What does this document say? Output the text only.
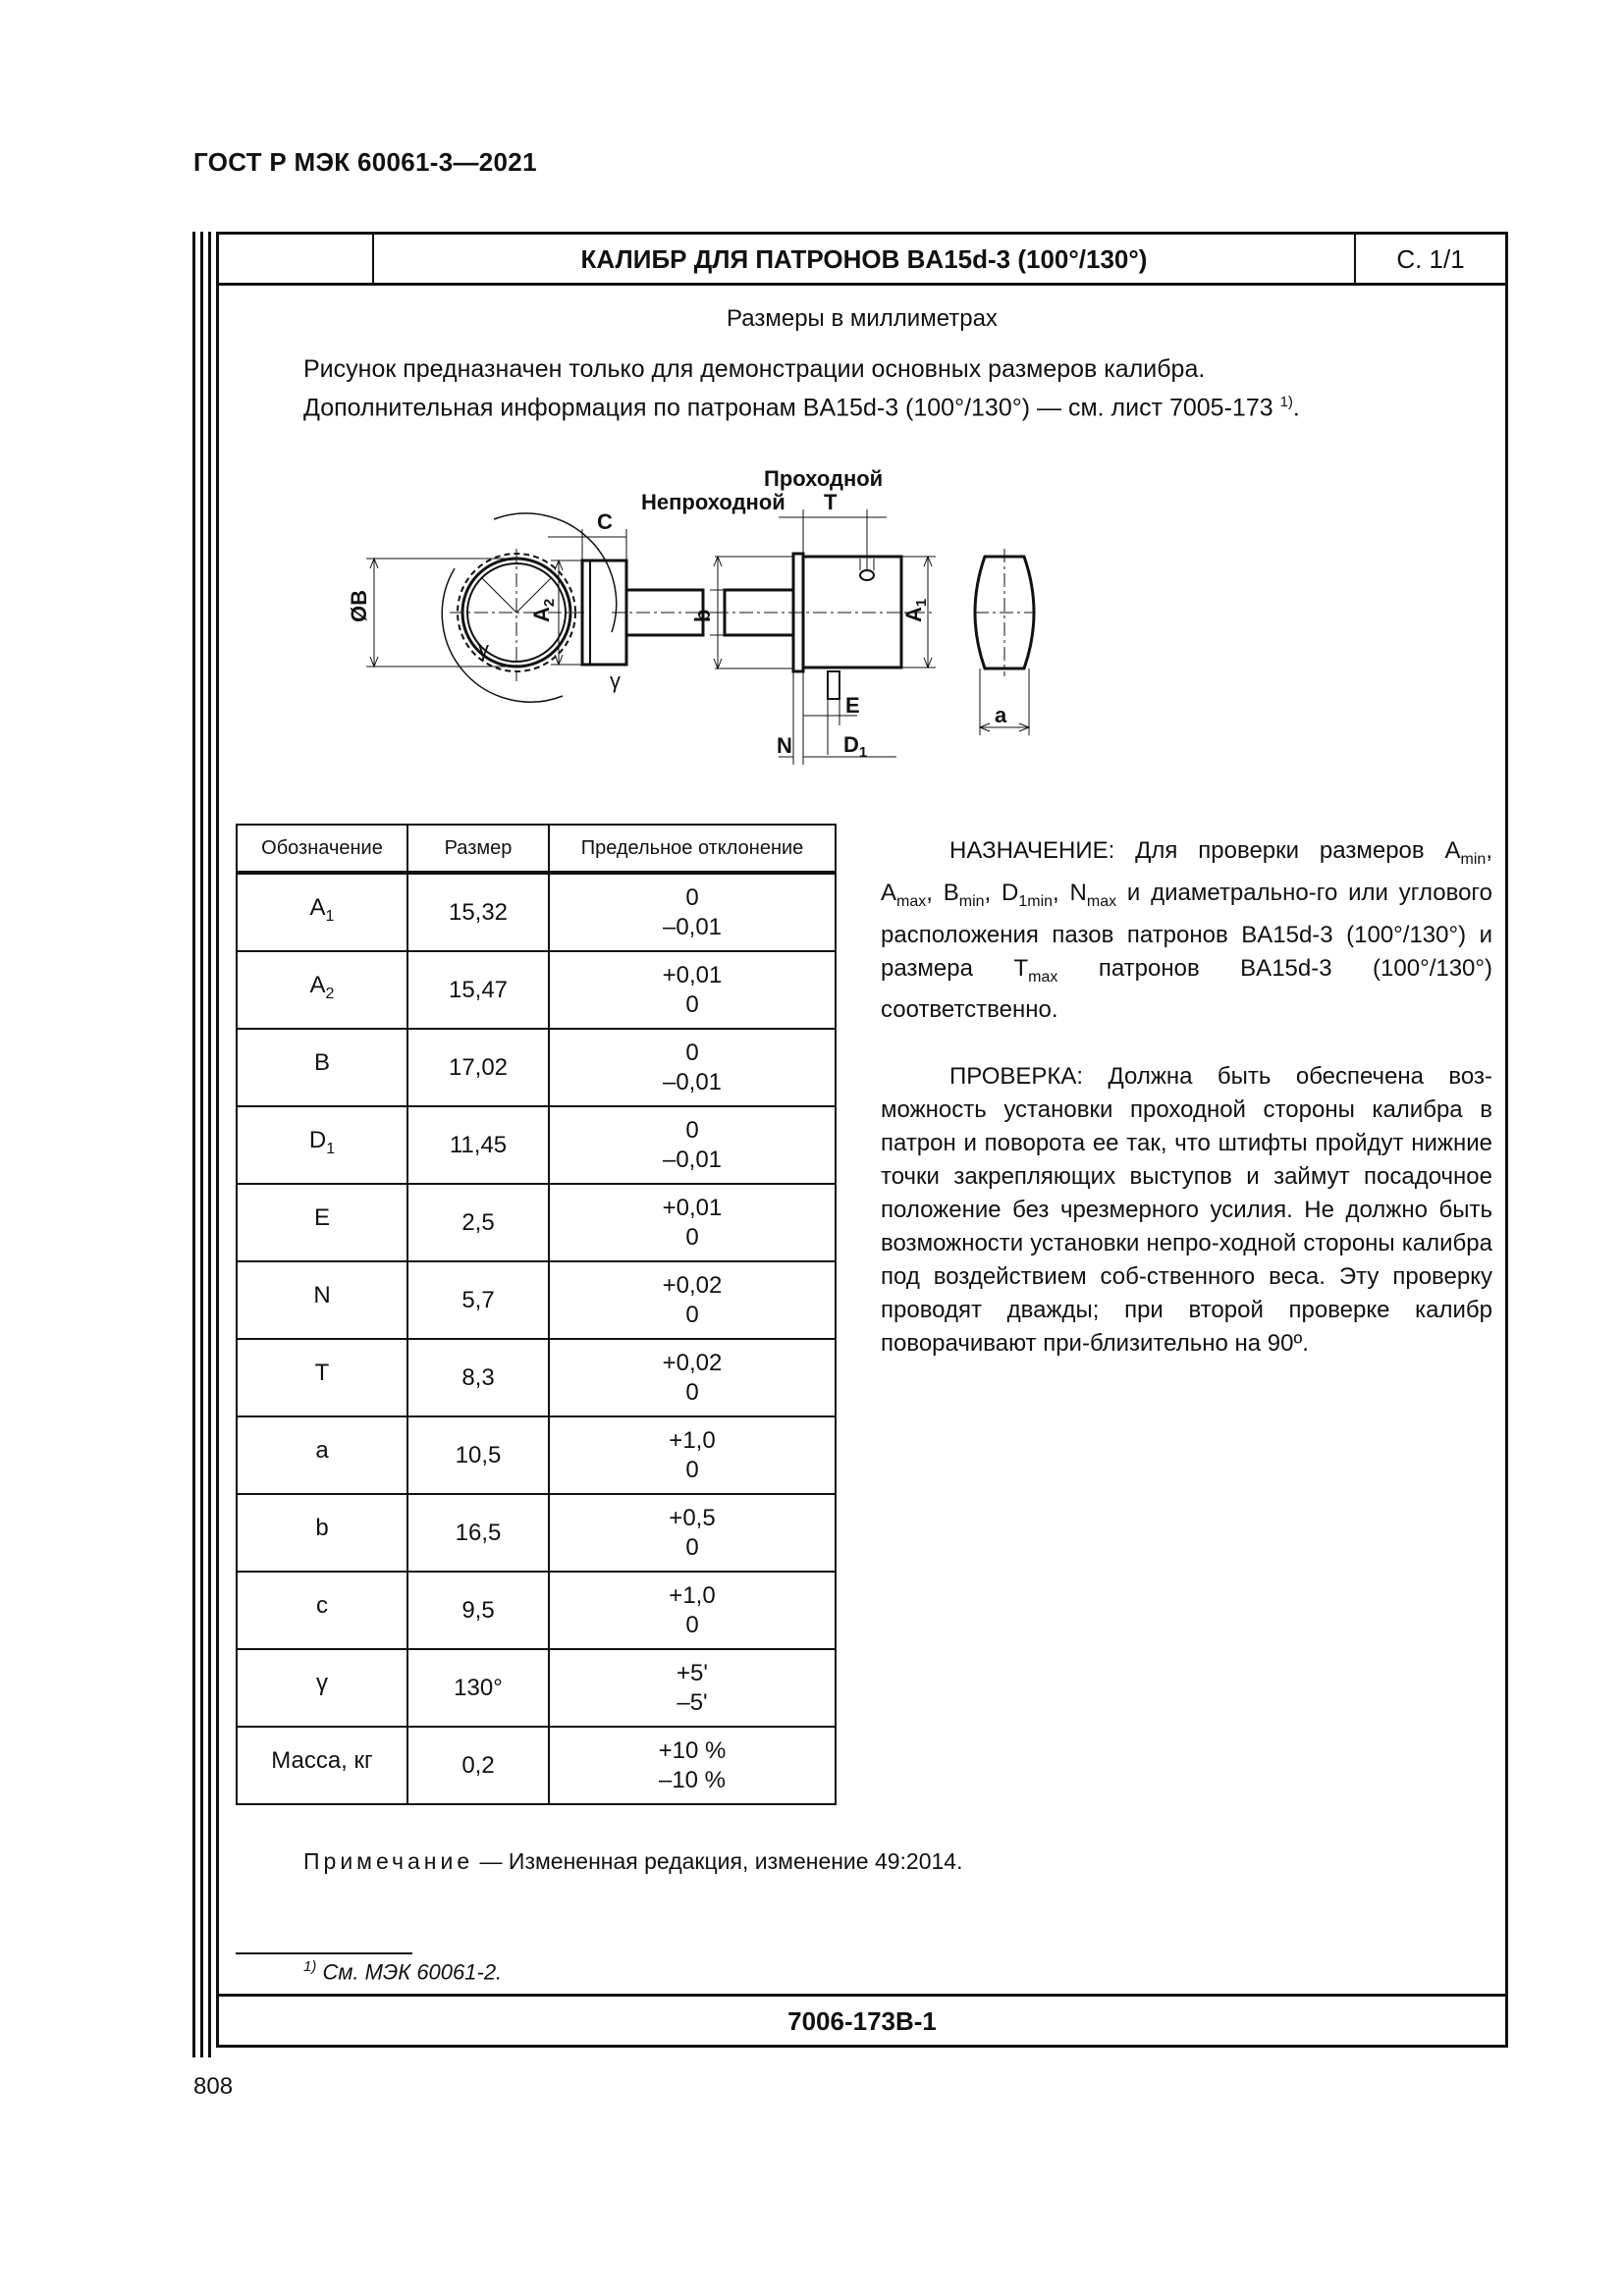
ГОСТ Р МЭК 60061-3—2021
КАЛИБР ДЛЯ ПАТРОНОВ BA15d-3 (100°/130°)	С. 1/1
Размеры в миллиметрах
Рисунок предназначен только для демонстрации основных размеров калибра.
Дополнительная информация по патронам BA15d-3 (100°/130°) — см. лист 7005-173 $^{1)}$.
Непроходной
Проходной
C
T
E
N $D_1$
a
γ
γ
ØB	$A_2$
b	$A_1$
Обозначение	Размер	Предельное отклонение
$A_1$	15,32	0
–0,01

$A_2$	15,47	+0,01
0

B	17,02	0
–0,01

$D_1$	11,45	0
–0,01

E	2,5	+0,01
0

N	5,7	+0,02
0

T	8,3	+0,02
0

a	10,5	+1,0
0

b	16,5	+0,5
0

c	9,5	+1,0
0

γ	130°	+5'
–5'

Масса, кг	0,2	+10 %
–10 %

НАЗНАЧЕНИЕ: Для проверки размеров $A_{min}$, $A_{max}$, $B_{min}$, $D_{1min}$, $N_{max}$ и диаметрально-го или углового расположения пазов патронов BA15d-3 (100°/130°) и размера $T_{max}$ патронов BA15d-3 (100°/130°) соответственно.

ПРОВЕРКА: Должна быть обеспечена воз-можность установки проходной стороны калибра в патрон и поворота ее так, что штифты пройдут нижние точки закрепляющих выступов и займут посадочное положение без чрезмерного усилия. Не должно быть возможности установки непро-ходной стороны калибра под воздействием соб-ственного веса. Эту проверку проводят дважды; при второй проверке калибр поворачивают при-близительно на 90º.

Примечание — Измененная редакция, изменение 49:2014.
$^{1)}$ См. МЭК 60061-2.
7006-173B-1
808
